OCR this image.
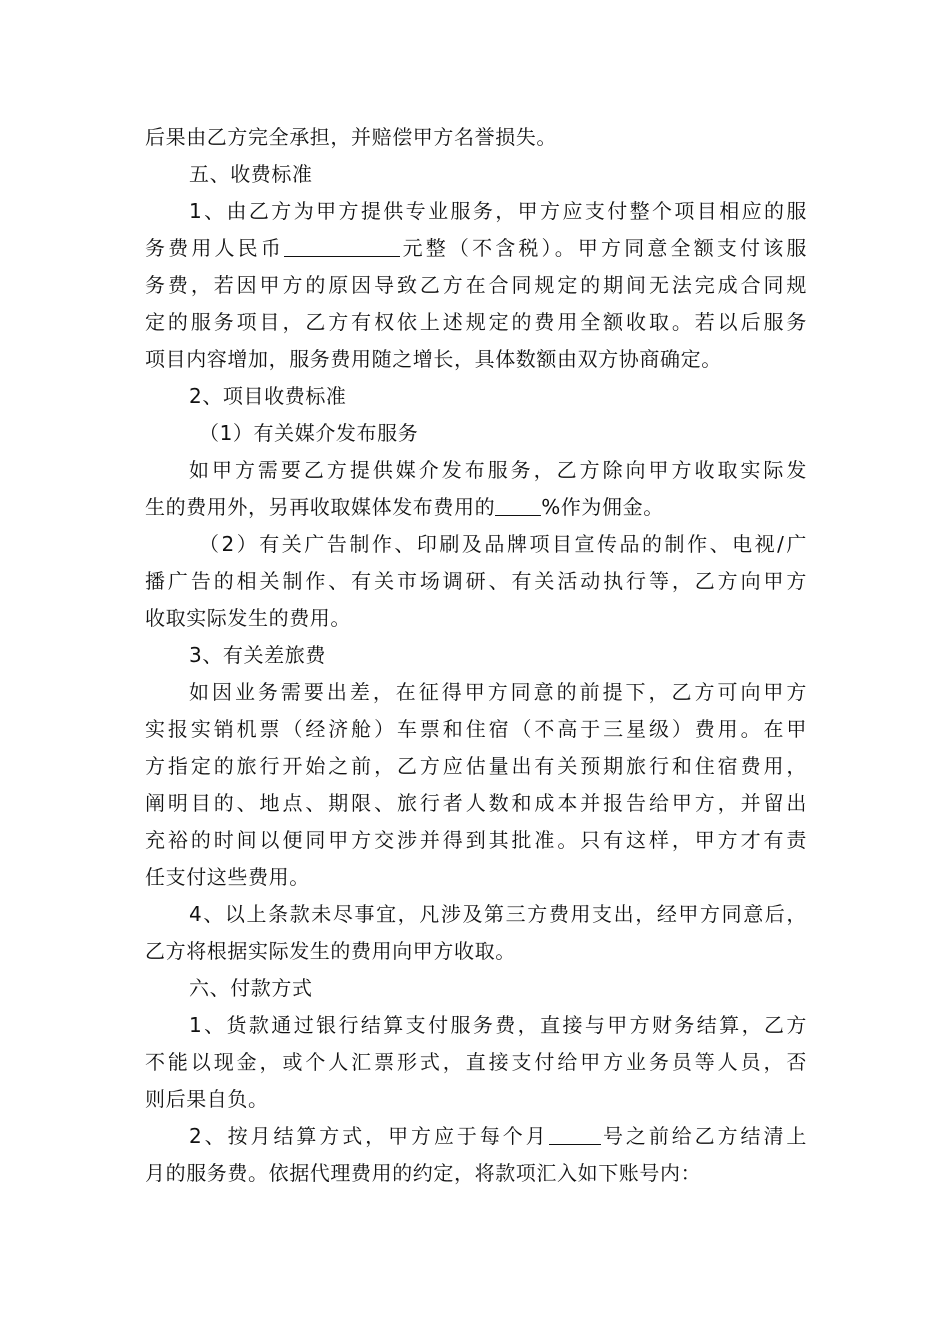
后果由乙方完全承担，并赔偿甲方名誉损失。
五、收费标准
1、由乙方为甲方提供专业服务，甲方应支付整个项目相应的服
务费用人民币	元整（不含税）。甲方同意全额支付该服
务费，若因甲方的原因导致乙方在合同规定的期间无法完成合同规
定的服务项目，乙方有权依上述规定的费用全额收取。若以后服务
项目内容增加，服务费用随之增长，具体数额由双方协商确定。
2、项目收费标准
（1）有关媒介发布服务
如甲方需要乙方提供媒介发布服务，乙方除向甲方收取实际发
生的费用外，另再收取媒体发布费用的 %作为佣金。
（2）有关广告制作、印刷及品牌项目宣传品的制作、电视/广
播广告的相关制作、有关市场调研、有关活动执行等，乙方向甲方
收取实际发生的费用。
3、有关差旅费
如因业务需要出差，在征得甲方同意的前提下，乙方可向甲方
实报实销机票（经济舱）车票和住宿（不高于三星级）费用。在甲
方指定的旅行开始之前，乙方应估量出有关预期旅行和住宿费用，
阐明目的、地点、期限、旅行者人数和成本并报告给甲方，并留出
充裕的时间以便同甲方交涉并得到其批准。只有这样，甲方才有责
任支付这些费用。
4、以上条款未尽事宜，凡涉及第三方费用支出，经甲方同意后，
乙方将根据实际发生的费用向甲方收取。
六、付款方式
1、货款通过银行结算支付服务费，直接与甲方财务结算，乙方
不能以现金，或个人汇票形式，直接支付给甲方业务员等人员，否
则后果自负。
2、按月结算方式，甲方应于每个月	号之前给乙方结清上
月的服务费。依据代理费用的约定，将款项汇入如下账号内：
